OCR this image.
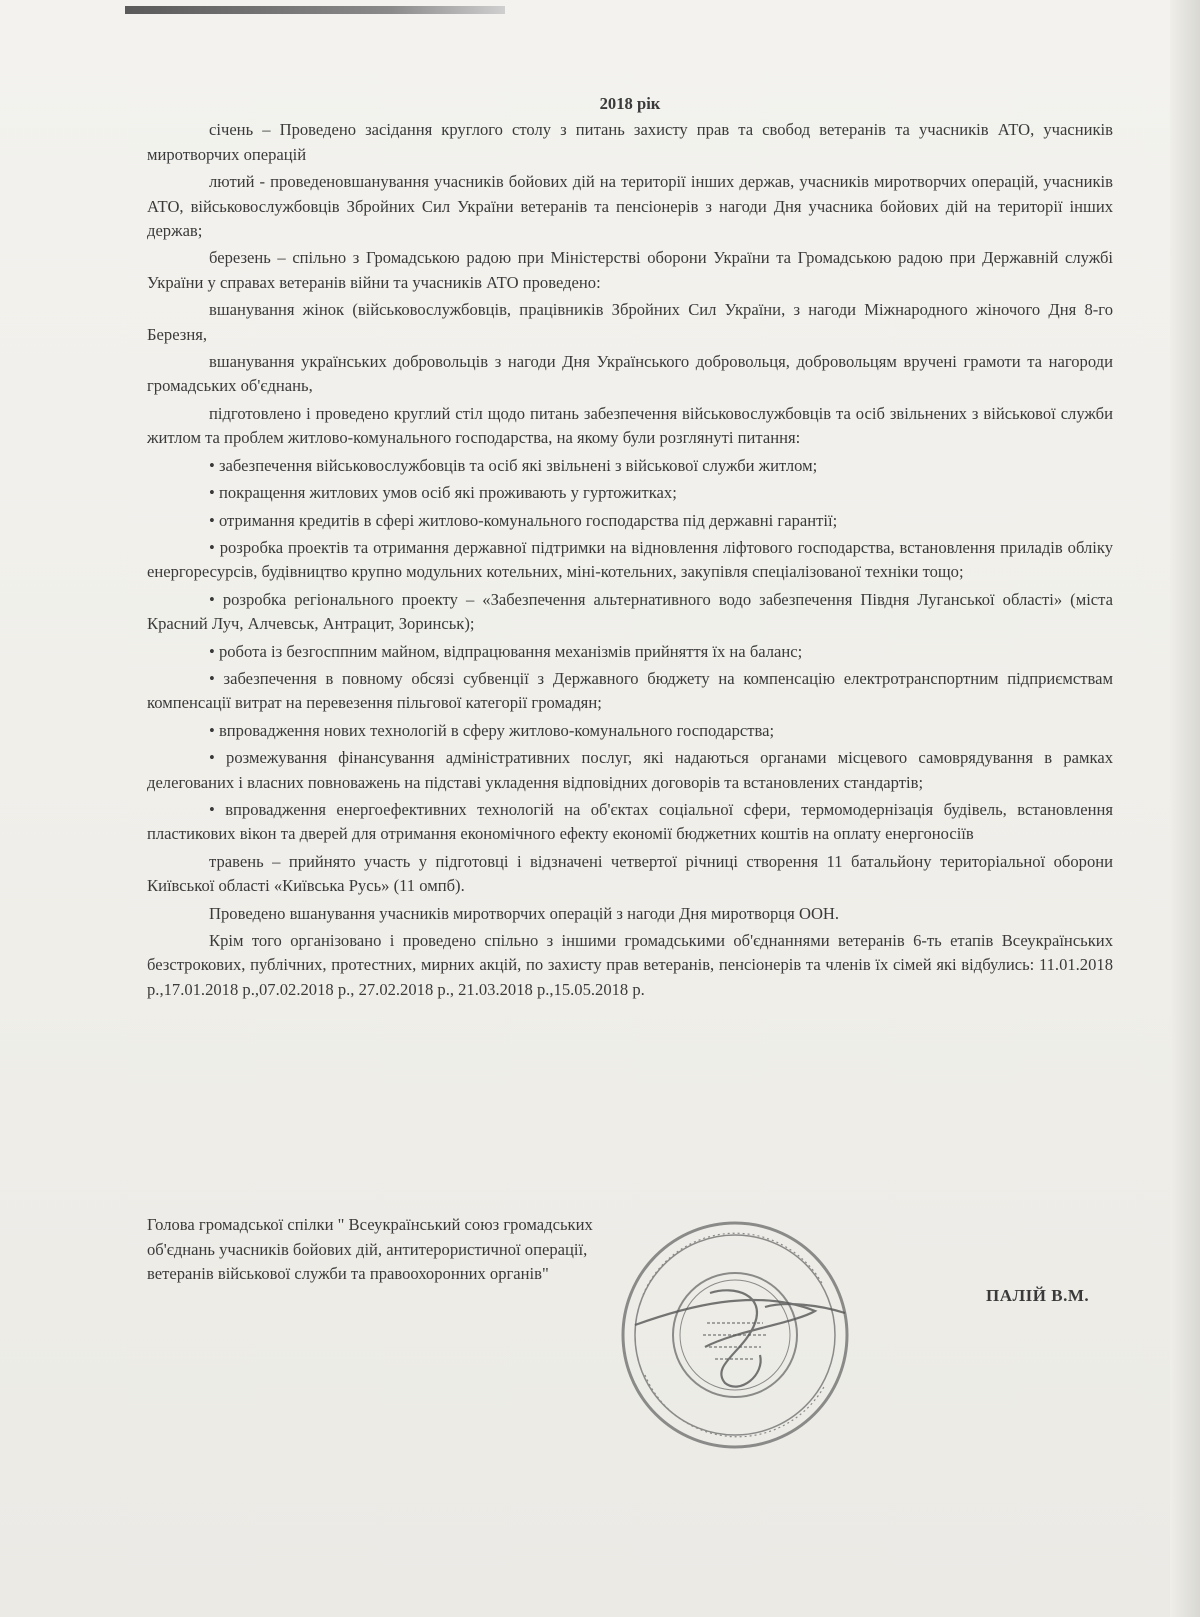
2018 рік

січень – Проведено засідання круглого столу з питань захисту прав та свобод ветеранів та учасників АТО, учасників миротворчих операцій

лютий - проведеновшанування учасників бойових дій на території інших держав, учасників миротворчих операцій, учасників АТО, військовослужбовців Збройних Сил України ветеранів та пенсіонерів з нагоди Дня учасника бойових дій на території інших держав;

березень – спільно з Громадською радою при Міністерстві оборони України та Громадською радою при Державній службі України у справах ветеранів війни та учасників АТО проведено:

вшанування жінок (військовослужбовців, працівників Збройних Сил України, з нагоди Міжнародного жіночого Дня 8-го Березня,

вшанування українських добровольців з нагоди Дня Українського добровольця, добровольцям вручені грамоти та нагороди громадських об'єднань,

підготовлено і проведено круглий стіл щодо питань забезпечення військовослужбовців та осіб звільнених з військової служби житлом та проблем житлово-комунального господарства, на якому були розглянуті питання:

• забезпечення військовослужбовців та осіб які звільнені з військової служби житлом;

• покращення житлових умов осіб які проживають у гуртожитках;

• отримання кредитів в сфері житлово-комунального господарства під державні гарантії;

• розробка проектів та отримання державної підтримки на відновлення ліфтового господарства, встановлення приладів обліку енергоресурсів, будівництво крупно модульних котельних, міні-котельних, закупівля спеціалізованої техніки тощо;

• розробка регіонального проекту – «Забезпечення альтернативного водо забезпечення Півдня Луганської області» (міста Красний Луч, Алчевськ, Антрацит, Зоринськ);

• робота із безгосппним майном, відпрацювання механізмів прийняття їх на баланс;

• забезпечення в повному обсязі субвенції з Державного бюджету на компенсацію електротранспортним підприємствам компенсації витрат на перевезення пільгової категорії громадян;

• впровадження нових технологій в сферу житлово-комунального господарства;

• розмежування фінансування адміністративних послуг, які надаються органами місцевого самоврядування в рамках делегованих і власних повноважень на підставі укладення відповідних договорів та встановлених стандартів;

• впровадження енергоефективних технологій на об'єктах соціальної сфери, термомодернізація будівель, встановлення пластикових вікон та дверей для отримання економічного ефекту економії бюджетних коштів на оплату енергоносіїв

травень – прийнято участь у підготовці і відзначені четвертої річниці створення 11 батальйону територіальної оборони Київської області «Київська Русь» (11 омпб).

Проведено вшанування учасників миротворчих операцій з нагоди Дня миротворця ООН.

Крім того організовано і проведено спільно з іншими громадськими об'єднаннями ветеранів 6-ть етапів Всеукраїнських безстрокових, публічних, протестних, мирних акцій, по захисту прав ветеранів, пенсіонерів та членів їх сімей які відбулись: 11.01.2018 р.,17.01.2018 р.,07.02.2018 р., 27.02.2018 р., 21.03.2018 р.,15.05.2018 р.

Голова громадської спілки " Всеукраїнський союз громадських
об'єднань учасників бойових дій, антитерористичної операції,
ветеранів військової служби та правоохоронних органів"
ПАЛІЙ В.М.
